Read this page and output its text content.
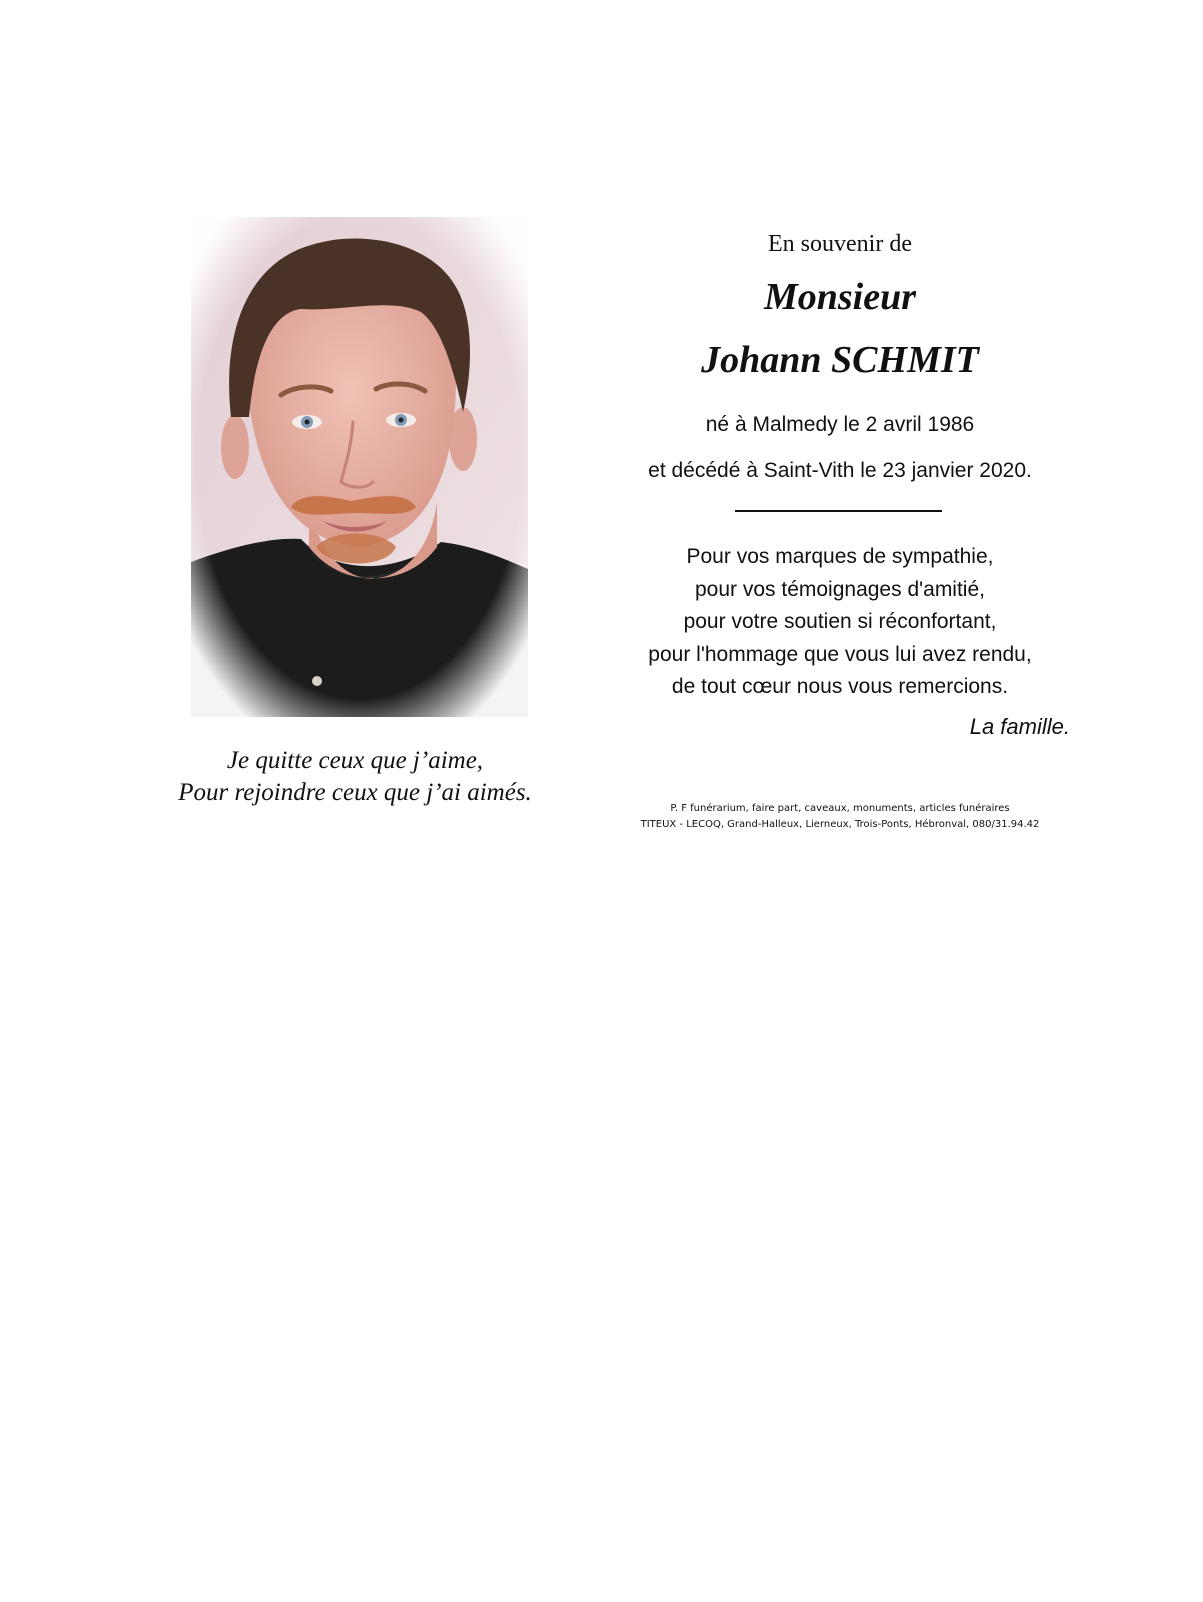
Je quitte ceux que j’aime,
Pour rejoindre ceux que j’ai aimés.
En souvenir de
Monsieur
Johann SCHMIT
né à Malmedy le 2 avril 1986
et décédé à Saint-Vith le 23 janvier 2020.
Pour vos marques de sympathie,
pour vos témoignages d'amitié,
pour votre soutien si réconfortant,
pour l'hommage que vous lui avez rendu,
de tout cœur nous vous remercions.
La famille.
P. F funérarium, faire part, caveaux, monuments, articles funéraires
TITEUX - LECOQ, Grand-Halleux, Lierneux, Trois-Ponts, Hébronval, 080/31.94.42
